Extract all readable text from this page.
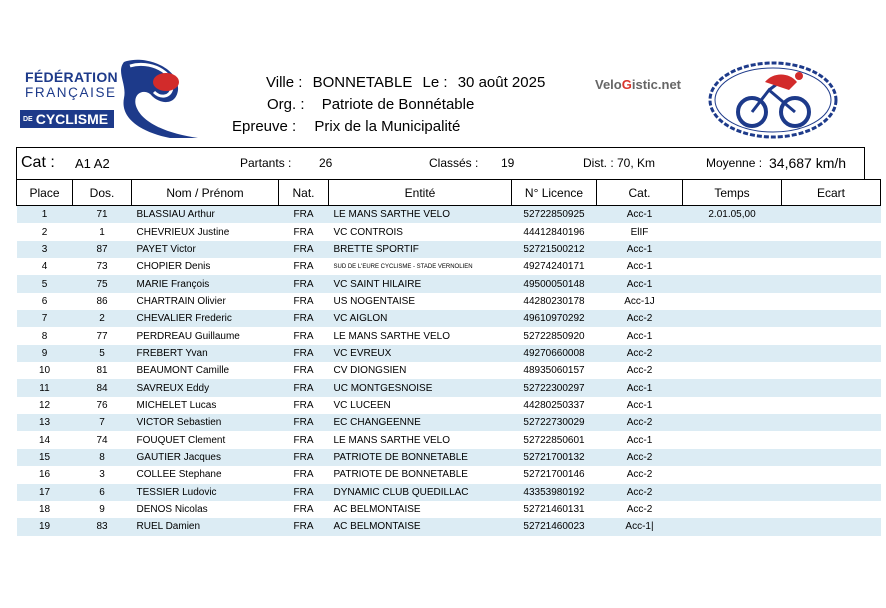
FÉDÉRATION
FRANÇAISE
DE CYCLISME
Ville : BONNETABLE Le : 30 août 2025
Org. : Patriote de Bonnétable
Epreuve : Prix de la Municipalité
VeloGistic.net
Cat : A1 A2	Partants : 26	Classés : 19	Dist. : 70, Km	Moyenne : 34,687 km/h
Place	Dos.	Nom / Prénom	Nat.	Entité	N° Licence	Cat.	Temps	Ecart
1	71	BLASSIAU Arthur	FRA	LE MANS SARTHE VELO	52722850925	Acc-1	2.01.05,00	
2	1	CHEVRIEUX Justine	FRA	VC CONTROIS	44412840196	ElIF		
3	87	PAYET Victor	FRA	BRETTE SPORTIF	52721500212	Acc-1		
4	73	CHOPIER Denis	FRA	SUD DE L'EURE CYCLISME - STADE VERNOLIEN	49274240171	Acc-1		
5	75	MARIE François	FRA	VC SAINT HILAIRE	49500050148	Acc-1		
6	86	CHARTRAIN Olivier	FRA	US NOGENTAISE	44280230178	Acc-1J		
7	2	CHEVALIER Frederic	FRA	VC AIGLON	49610970292	Acc-2		
8	77	PERDREAU Guillaume	FRA	LE MANS SARTHE VELO	52722850920	Acc-1		
9	5	FREBERT Yvan	FRA	VC EVREUX	49270660008	Acc-2		
10	81	BEAUMONT Camille	FRA	CV DIONGSIEN	48935060157	Acc-2		
11	84	SAVREUX Eddy	FRA	UC MONTGESNOISE	52722300297	Acc-1		
12	76	MICHELET Lucas	FRA	VC LUCEEN	44280250337	Acc-1		
13	7	VICTOR Sebastien	FRA	EC CHANGEENNE	52722730029	Acc-2		
14	74	FOUQUET Clement	FRA	LE MANS SARTHE VELO	52722850601	Acc-1		
15	8	GAUTIER Jacques	FRA	PATRIOTE DE BONNETABLE	52721700132	Acc-2		
16	3	COLLEE Stephane	FRA	PATRIOTE DE BONNETABLE	52721700146	Acc-2		
17	6	TESSIER Ludovic	FRA	DYNAMIC CLUB QUEDILLAC	43353980192	Acc-2		
18	9	DENOS Nicolas	FRA	AC BELMONTAISE	52721460131	Acc-2		
19	83	RUEL Damien	FRA	AC BELMONTAISE	52721460023	Acc-1|		
